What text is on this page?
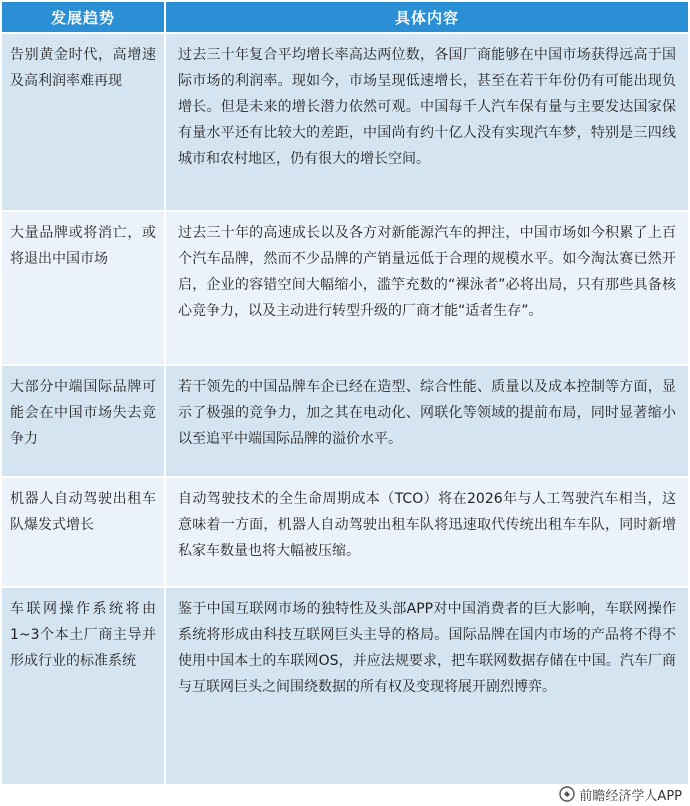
发展趋势	具体内容
告别黄金时代，高增速及高利润率难再现	过去三十年复合平均增长率高达两位数，各国厂商能够在中国市场获得远高于国际市场的利润率。现如今，市场呈现低速增长，甚至在若干年份仍有可能出现负增长。但是未来的增长潜力依然可观。中国每千人汽车保有量与主要发达国家保有量水平还有比较大的差距，中国尚有约十亿人没有实现汽车梦，特别是三四线城市和农村地区，仍有很大的增长空间。
大量品牌或将消亡，或将退出中国市场	过去三十年的高速成长以及各方对新能源汽车的押注，中国市场如今积累了上百个汽车品牌，然而不少品牌的产销量远低于合理的规模水平。如今淘汰赛已然开启，企业的容错空间大幅缩小，滥竽充数的“裸泳者”必将出局，只有那些具备核心竞争力，以及主动进行转型升级的厂商才能“适者生存”。
大部分中端国际品牌可能会在中国市场失去竞争力	若干领先的中国品牌车企已经在造型、综合性能、质量以及成本控制等方面，显示了极强的竞争力，加之其在电动化、网联化等领域的提前布局，同时显著缩小以至追平中端国际品牌的溢价水平。
机器人自动驾驶出租车队爆发式增长	自动驾驶技术的全生命周期成本（TCO）将在2026年与人工驾驶汽车相当，这意味着一方面，机器人自动驾驶出租车队将迅速取代传统出租车车队，同时新增私家车数量也将大幅被压缩。
车联网操作系统将由1~3个本土厂商主导并形成行业的标准系统	鉴于中国互联网市场的独特性及头部APP对中国消费者的巨大影响，车联网操作系统将形成由科技互联网巨头主导的格局。国际品牌在国内市场的产品将不得不使用中国本土的车联网OS，并应法规要求，把车联网数据存储在中国。汽车厂商与互联网巨头之间围绕数据的所有权及变现将展开剧烈博弈。
前瞻经济学人APP
